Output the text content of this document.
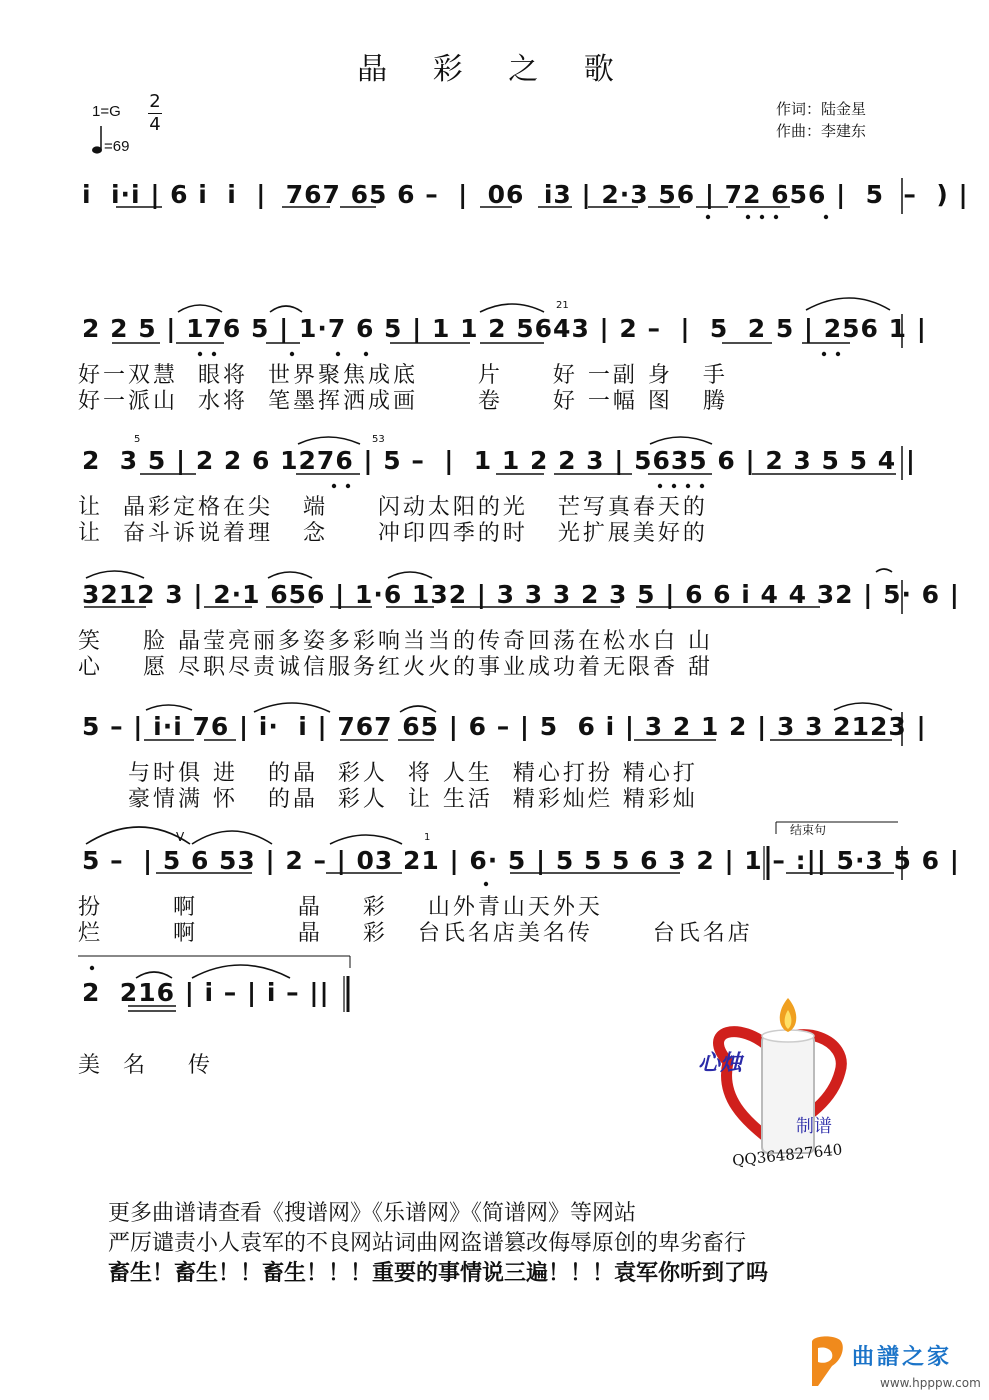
晶 彩 之 歌
1=G 2
4
=69
作词：陆金星
作曲：李建东
i  i·i | 6 i  i  |  767 65 6 –  |  06  i3 | 2·3 56 | 72 656 |  5  –  ) |
2 2 5 | 176 5 | 1·7 6 5 | 1 1 2 5643 | 2 –  |  5  2 5 | 256 1 |
好一双慧  眼将  世界聚焦成底      片     好 一副 身   手
好一派山  水将  笔墨挥洒成画      卷     好 一幅 图   腾
21
2  3 5 | 2 2 6 1276 | 5 –  |  1 1 2 2 3 | 5635 6 | 2 3 5 5 4 |
让  晶彩定格在尖   端     闪动太阳的光   芒写真春天的
让  奋斗诉说着理   念     冲印四季的时   光扩展美好的
5	53
3212 3 | 2·1 656 | 1·6 132 | 3 3 3 2 3 5 | 6 6 i 4 4 32 | 5· 6 |
笑    脸 晶莹亮丽多姿多彩响当当的传奇回荡在松水白 山
心    愿 尽职尽责诚信服务红火火的事业成功着无限香 甜
5 – | i·i 76 | i·  i | 767 65 | 6 – | 5  6 i | 3 2 1 2 | 3 3 2123 |
与时俱 进   的晶  彩人  将 人生  精心打扮 精心打
豪情满 怀   的晶  彩人  让 生活  精彩灿烂 精彩灿
5 –  | 5 6 53 | 2 – | 03 21 | 6· 5 | 5 5 5 6 3 2 | 1 – :|| 5·3 5 6 |
扮       啊          晶    彩    山外青山天外天
烂       啊          晶    彩   台氏名店美名传      台氏名店
V	1
结束句
2  216 | i – | i – ||
美  名    传	心烛
制谱
QQ364827640
更多曲谱请查看《搜谱网》《乐谱网》《简谱网》等网站
严厉谴责小人袁军的不良网站词曲网盗谱篡改侮辱原创的卑劣畜行
畜生！畜生！！畜生！！！重要的事情说三遍！！！袁军你听到了吗
曲譜之家
www.hpppw.com
